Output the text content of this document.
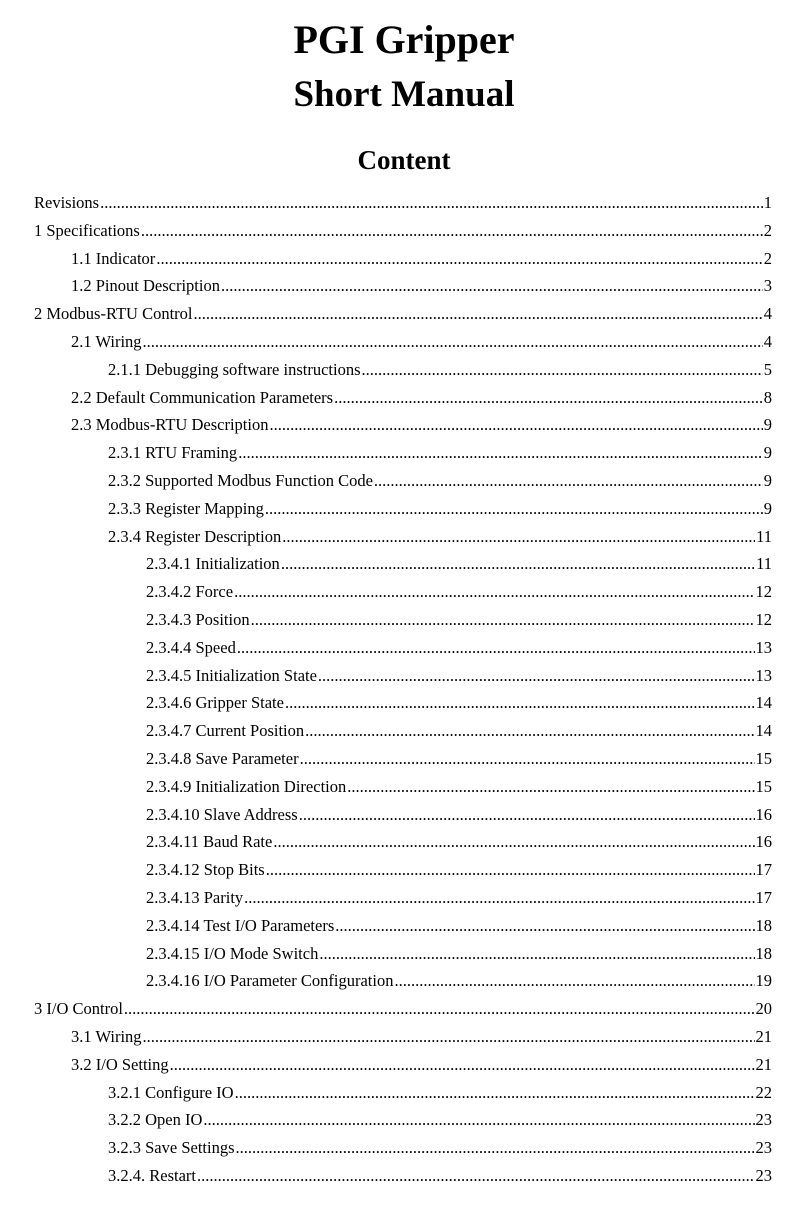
PGI Gripper
Short Manual
Content
Revisions .....	1
1 Specifications .....	2
1.1 Indicator .....	2
1.2 Pinout Description .....	3
2 Modbus-RTU Control .....	4
2.1 Wiring .....	4
2.1.1 Debugging software instructions .....	5
2.2 Default Communication Parameters .....	8
2.3 Modbus-RTU Description .....	9
2.3.1 RTU Framing .....	9
2.3.2 Supported Modbus Function Code .....	9
2.3.3 Register Mapping .....	9
2.3.4 Register Description .....	11
2.3.4.1 Initialization .....	11
2.3.4.2 Force .....	12
2.3.4.3 Position .....	12
2.3.4.4 Speed .....	13
2.3.4.5 Initialization State .....	13
2.3.4.6 Gripper State .....	14
2.3.4.7 Current Position .....	14
2.3.4.8 Save Parameter .....	15
2.3.4.9 Initialization Direction .....	15
2.3.4.10 Slave Address .....	16
2.3.4.11 Baud Rate .....	16
2.3.4.12 Stop Bits .....	17
2.3.4.13 Parity .....	17
2.3.4.14 Test I/O Parameters .....	18
2.3.4.15 I/O Mode Switch .....	18
2.3.4.16 I/O Parameter Configuration .....	19
3 I/O Control .....	20
3.1 Wiring .....	21
3.2 I/O Setting .....	21
3.2.1 Configure IO .....	22
3.2.2 Open IO .....	23
3.2.3 Save Settings .....	23
3.2.4. Restart .....	23
